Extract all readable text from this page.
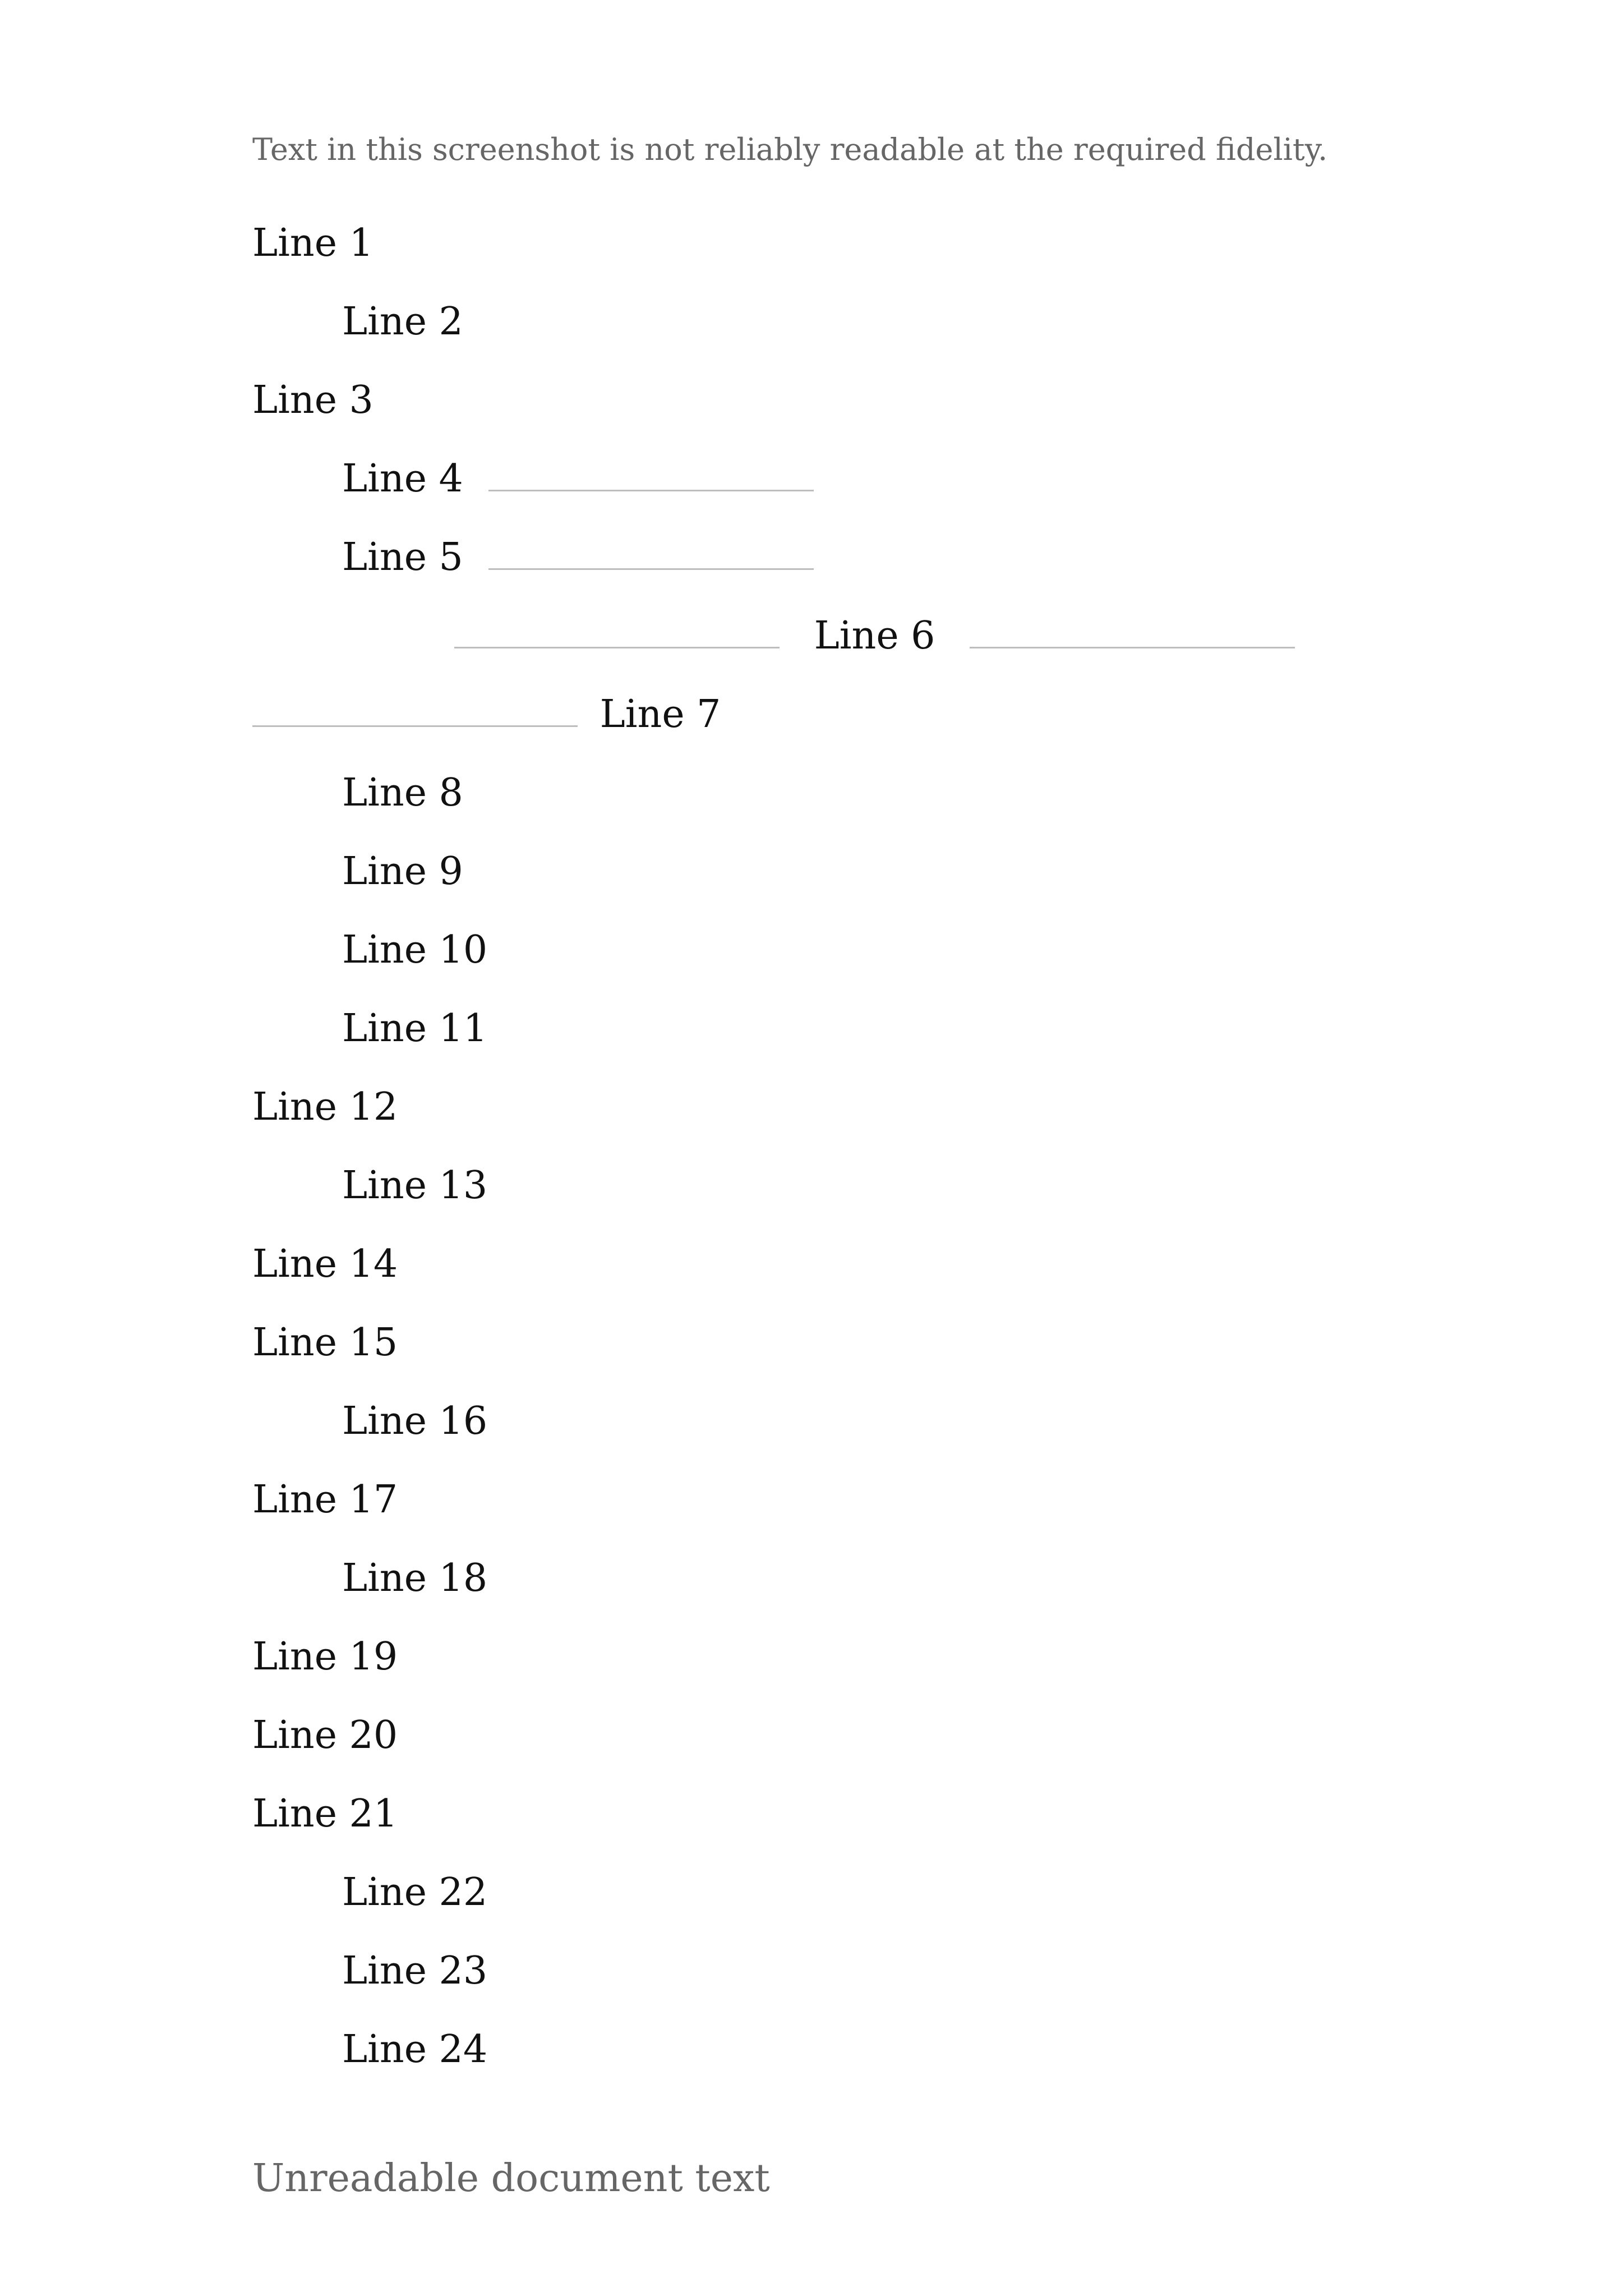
Text in this screenshot is not reliably readable at the required fidelity.
Line 1
Line 2
Line 3
Line 4
Line 5
Line 6
Line 7
Line 8
Line 9
Line 10
Line 11
Line 12
Line 13
Line 14
Line 15
Line 16
Line 17
Line 18
Line 19
Line 20
Line 21
Line 22
Line 23
Line 24
Unreadable document text
